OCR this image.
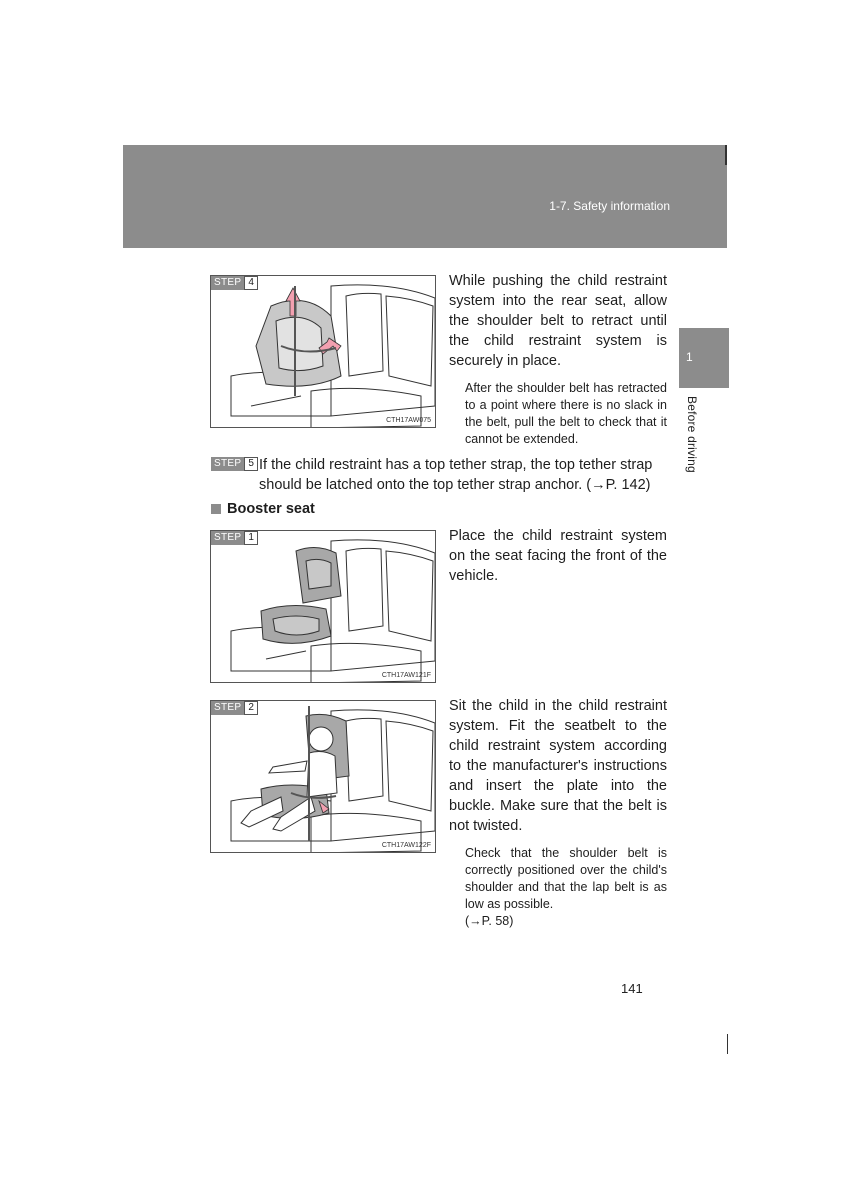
1-7. Safety information
1
Before driving
STEP 4
CTH17AW075
While pushing the child restraint system into the rear seat, allow the shoulder belt to retract until the child restraint system is securely in place.
After the shoulder belt has retracted to a point where there is no slack in the belt, pull the belt to check that it cannot be extended.
STEP 5 If the child restraint has a top tether strap, the top tether strap should be latched onto the top tether strap anchor. (→P. 142)
Booster seat
STEP 1
CTH17AW121F
Place the child restraint system on the seat facing the front of the vehicle.
STEP 2
CTH17AW122F
Sit the child in the child restraint system. Fit the seatbelt to the child restraint system according to the manufacturer's instructions and insert the plate into the buckle. Make sure that the belt is not twisted.
Check that the shoulder belt is correctly positioned over the child's shoulder and that the lap belt is as low as possible.
(→P. 58)
141
